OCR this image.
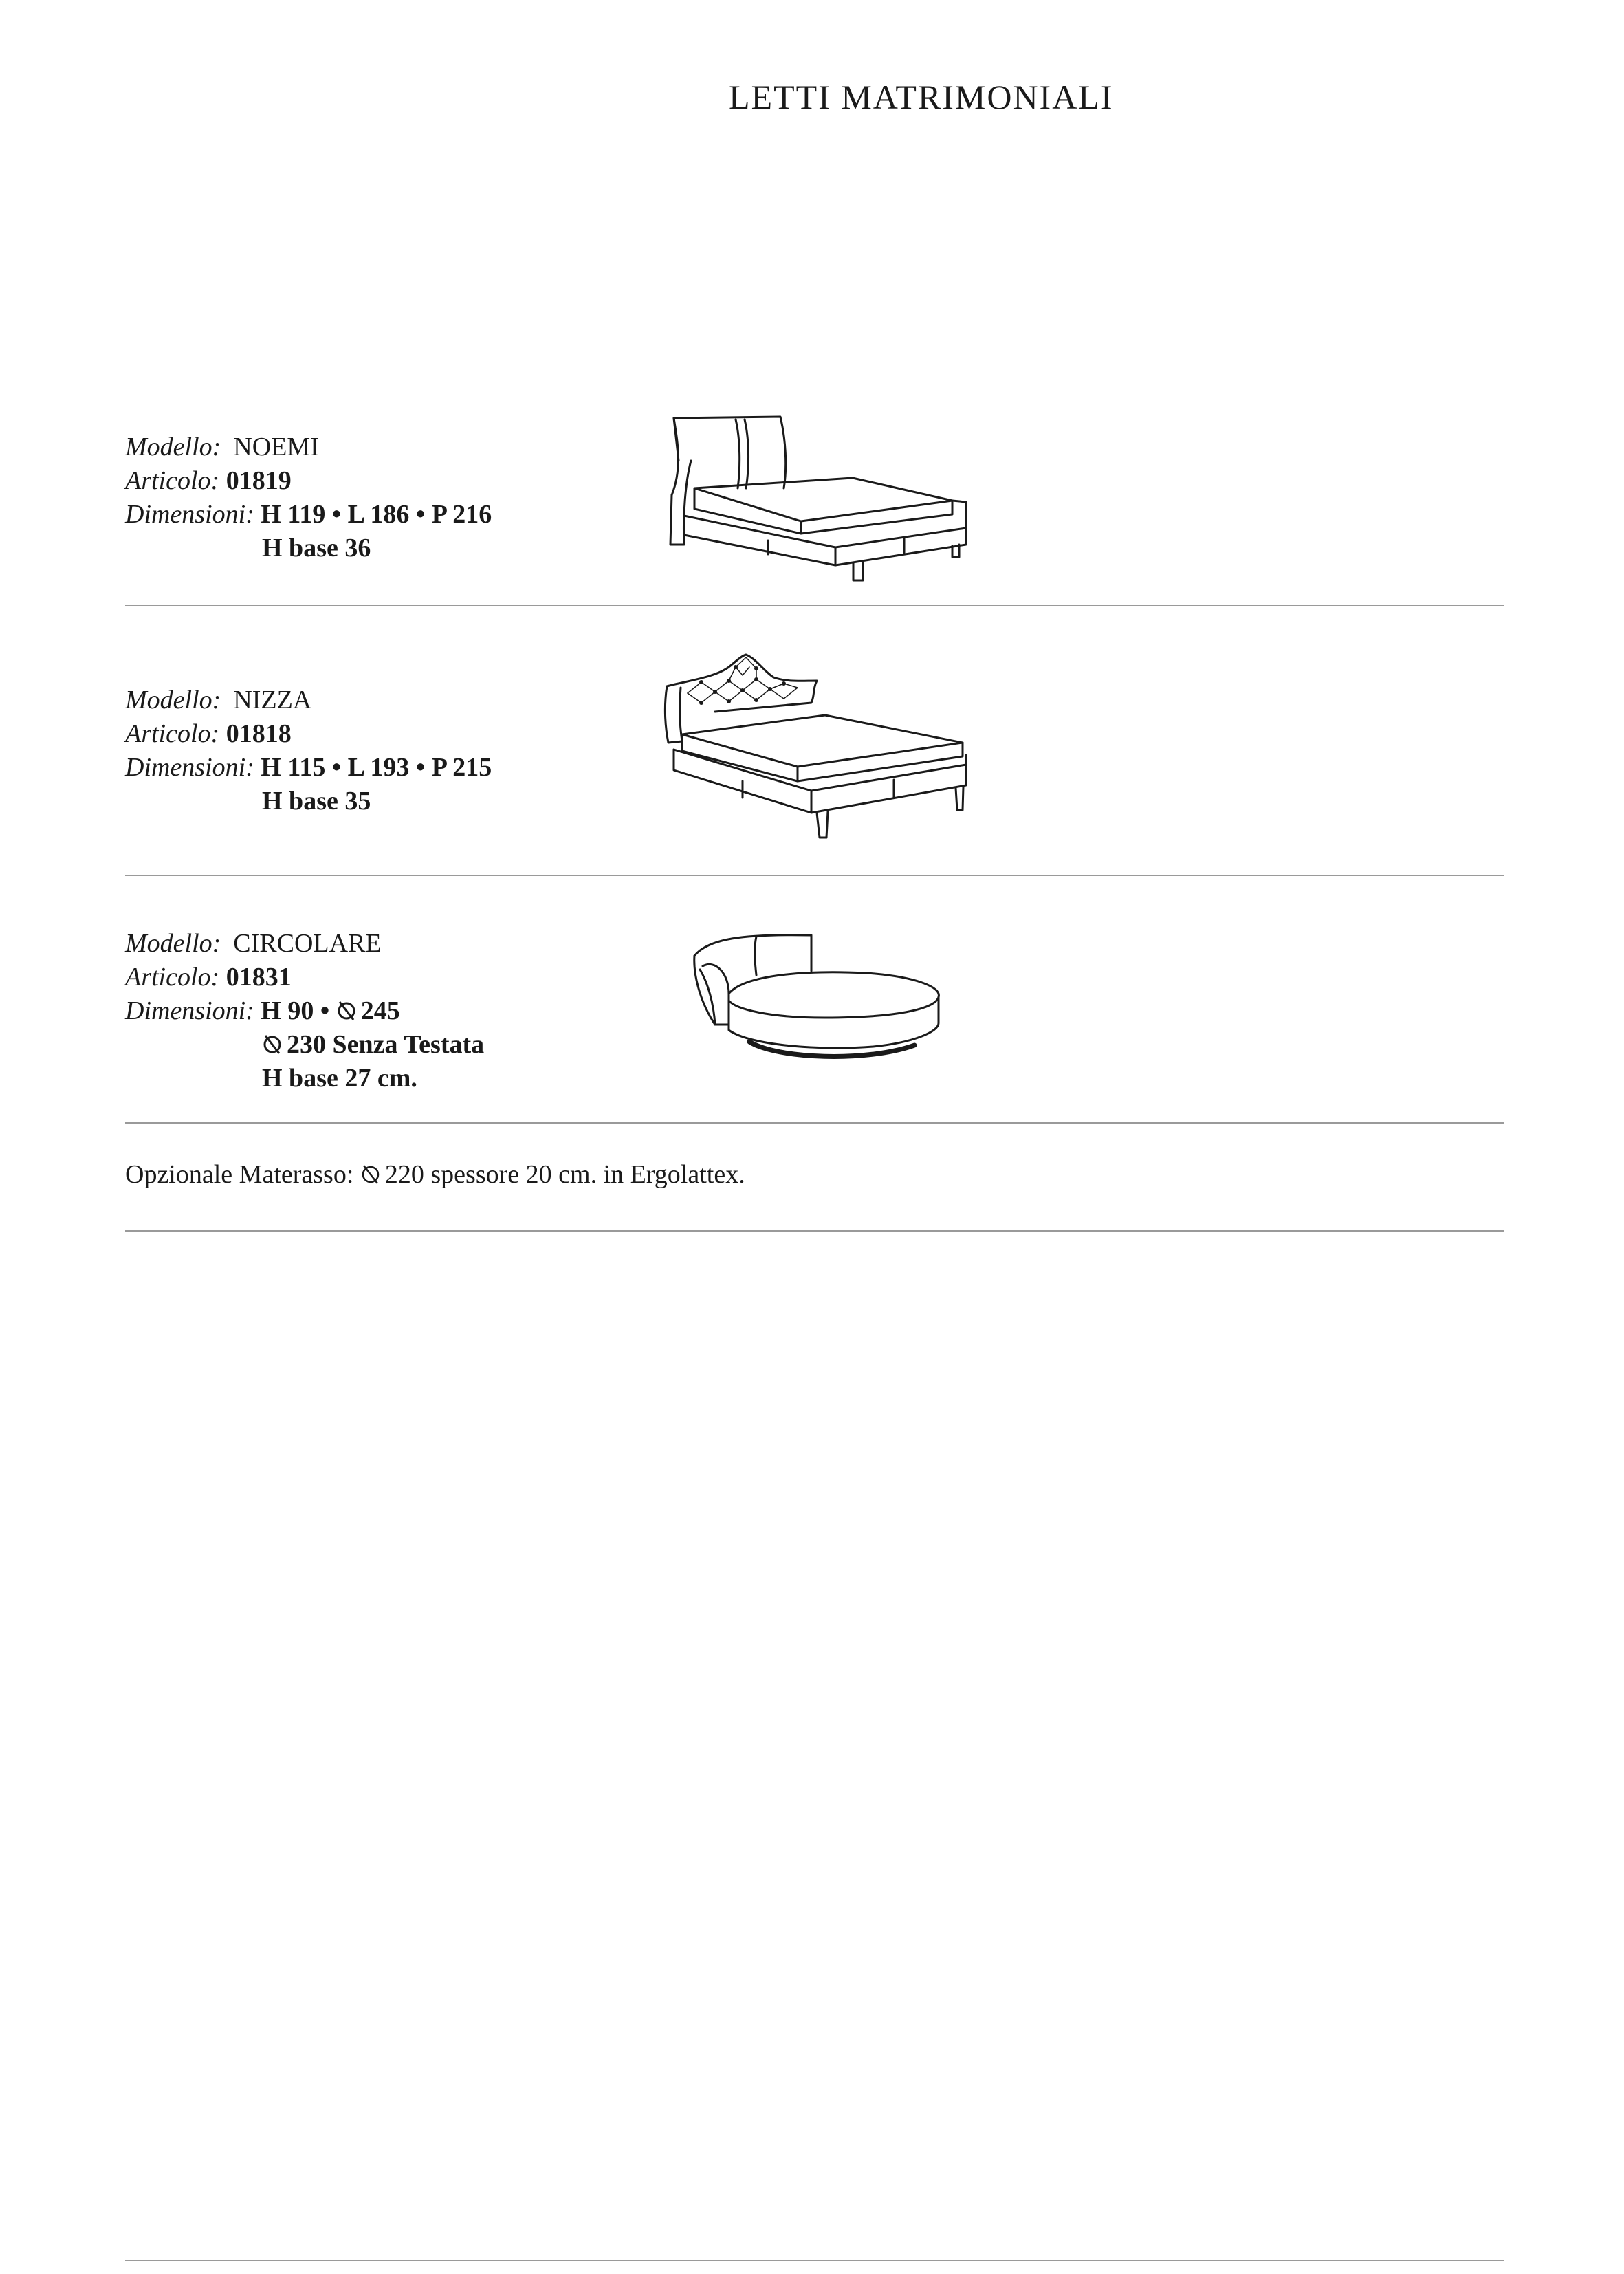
LETTI MATRIMONIALI
Modello: NOEMI
Articolo: 01819
Dimensioni: H 119 • L 186 • P 216
H base 36
Modello: NIZZA
Articolo: 01818
Dimensioni: H 115 • L 193 • P 215
H base 35
Modello: CIRCOLARE
Articolo: 01831
Dimensioni: H 90 • 245
230 Senza Testata
H base 27 cm.
Opzionale Materasso: 220 spessore 20 cm. in Ergolattex.
